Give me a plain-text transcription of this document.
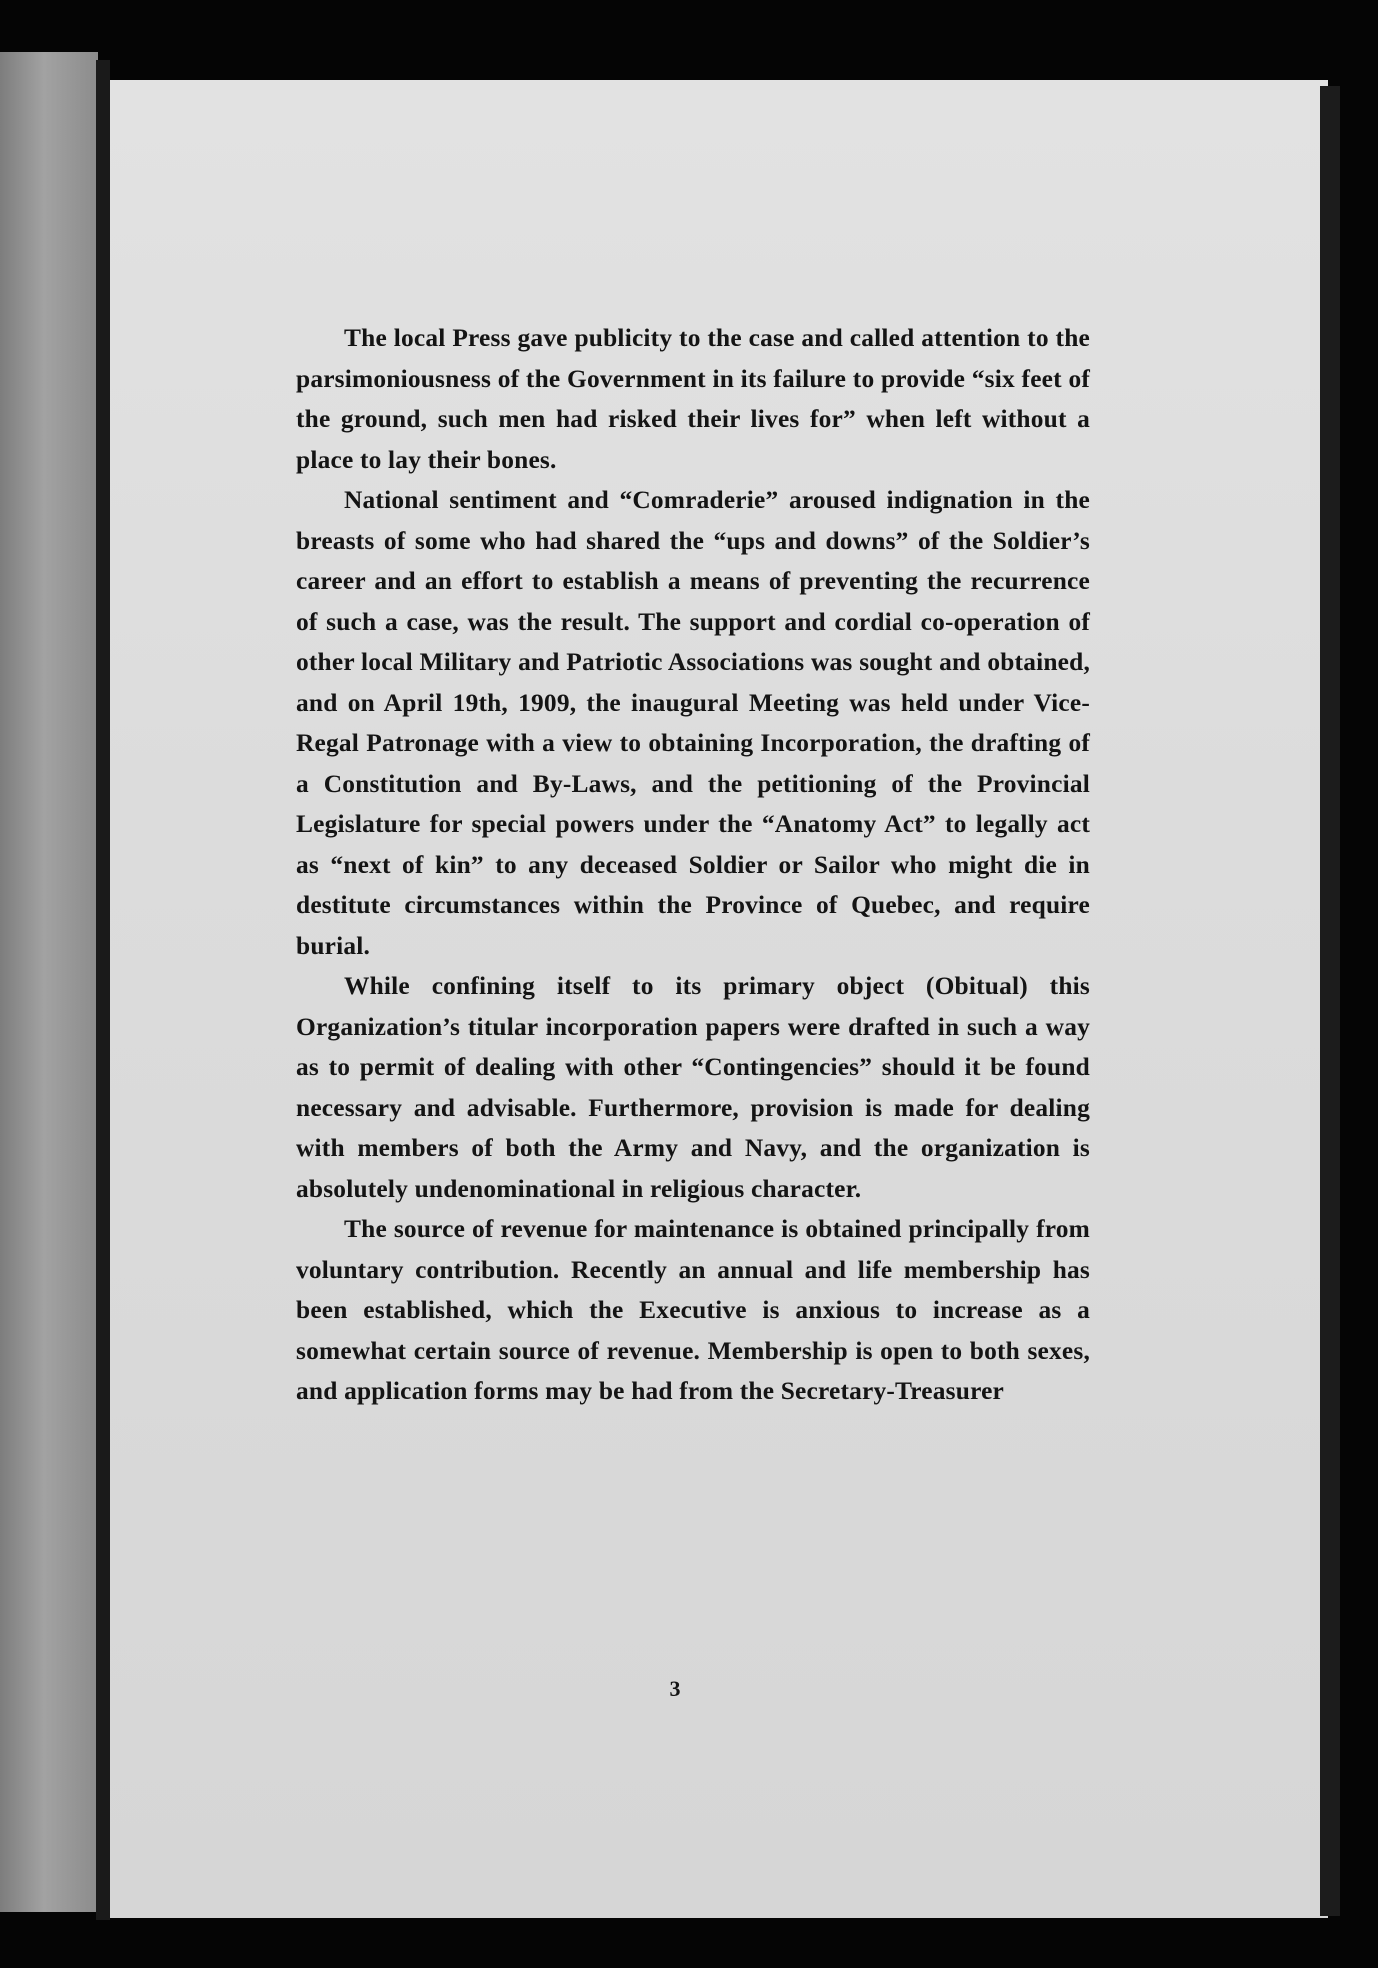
The local Press gave publicity to the case and called attention to the parsimoniousness of the Government in its failure to provide “six feet of the ground, such men had risked their lives for” when left without a place to lay their bones.

National sentiment and “Comraderie” aroused indignation in the breasts of some who had shared the “ups and downs” of the Soldier’s career and an effort to establish a means of preventing the recurrence of such a case, was the result. The support and cordial co-operation of other local Military and Patriotic Associations was sought and obtained, and on April 19th, 1909, the inaugural Meeting was held under Vice-Regal Patronage with a view to obtaining Incorporation, the drafting of a Constitution and By-Laws, and the petitioning of the Provincial Legislature for special powers under the “Anatomy Act” to legally act as “next of kin” to any deceased Soldier or Sailor who might die in destitute circumstances within the Province of Quebec, and require burial.

While confining itself to its primary object (Obitual) this Organization’s titular incorporation papers were drafted in such a way as to permit of dealing with other “Contingencies” should it be found necessary and advisable. Furthermore, provision is made for dealing with members of both the Army and Navy, and the organization is absolutely undenominational in religious character.

The source of revenue for maintenance is obtained principally from voluntary contribution. Recently an annual and life membership has been established, which the Executive is anxious to increase as a somewhat certain source of revenue. Membership is open to both sexes, and application forms may be had from the Secretary-Treasurer

3
